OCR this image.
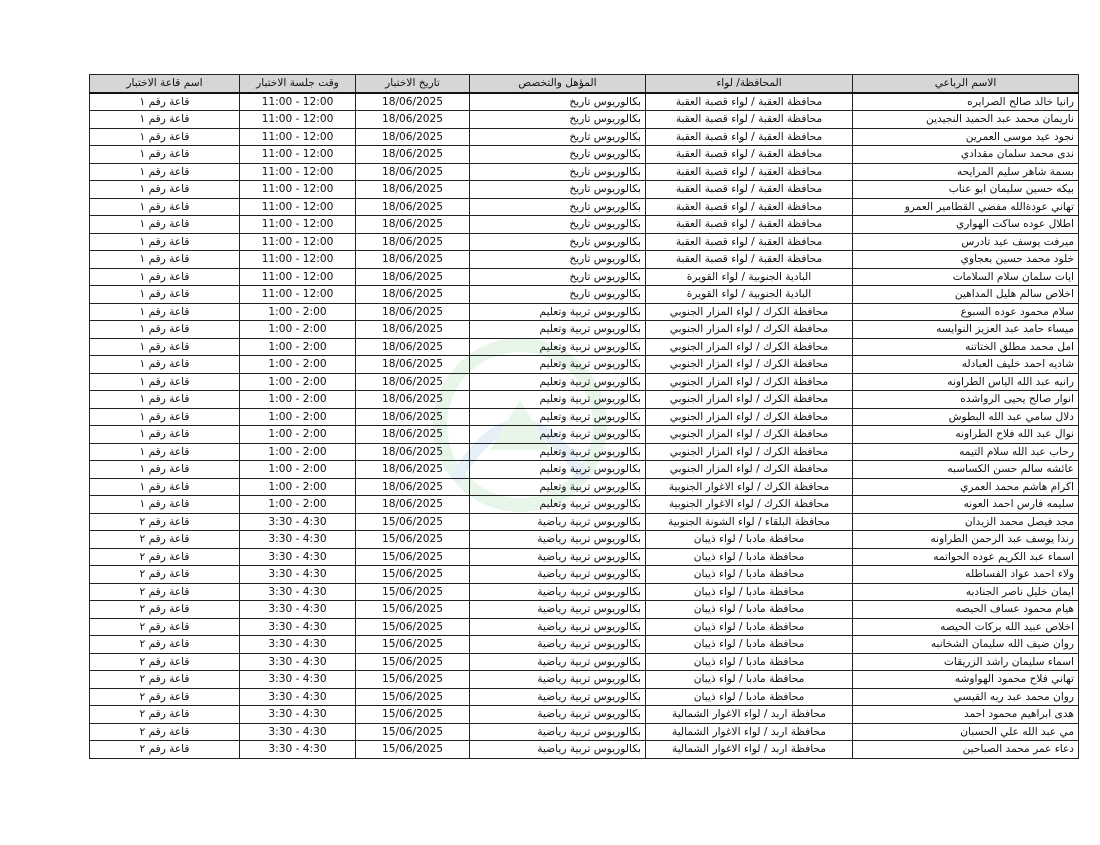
الاسم الرباعي	المحافظة/ لواء	المؤهل والتخصص	تاريخ الاختبار	وقت جلسة الاختبار	اسم قاعة الاختبار
رانيا خالد صالح الصرايره	محافظة العقبة / لواء قصبة العقبة	بكالوريوس تاريخ	18/06/2025	11:00 - 12:00	قاعة رقم ١
ناريمان محمد عبد الحميد النجيدين	محافظة العقبة / لواء قصبة العقبة	بكالوريوس تاريخ	18/06/2025	11:00 - 12:00	قاعة رقم ١
نجود عيد موسى العمرين	محافظة العقبة / لواء قصبة العقبة	بكالوريوس تاريخ	18/06/2025	11:00 - 12:00	قاعة رقم ١
ندى محمد سلمان مقدادي	محافظة العقبة / لواء قصبة العقبة	بكالوريوس تاريخ	18/06/2025	11:00 - 12:00	قاعة رقم ١
بسمة شاهر سليم المرايحه	محافظة العقبة / لواء قصبة العقبة	بكالوريوس تاريخ	18/06/2025	11:00 - 12:00	قاعة رقم ١
بيكه حسين سليمان ابو عناب	محافظة العقبة / لواء قصبة العقبة	بكالوريوس تاريخ	18/06/2025	11:00 - 12:00	قاعة رقم ١
تهاني عودةالله مفضي القطامير العمرو	محافظة العقبة / لواء قصبة العقبة	بكالوريوس تاريخ	18/06/2025	11:00 - 12:00	قاعة رقم ١
اطلال عوده ساكت الهواري	محافظة العقبة / لواء قصبة العقبة	بكالوريوس تاريخ	18/06/2025	11:00 - 12:00	قاعة رقم ١
ميرفت يوسف عيد تادرس	محافظة العقبة / لواء قصبة العقبة	بكالوريوس تاريخ	18/06/2025	11:00 - 12:00	قاعة رقم ١
خلود محمد حسين بعجاوي	محافظة العقبة / لواء قصبة العقبة	بكالوريوس تاريخ	18/06/2025	11:00 - 12:00	قاعة رقم ١
ايات سلمان سلام السلامات	البادية الجنوبية / لواء القويرة	بكالوريوس تاريخ	18/06/2025	11:00 - 12:00	قاعة رقم ١
اخلاص سالم هليل المداهين	البادية الجنوبية / لواء القويرة	بكالوريوس تاريخ	18/06/2025	11:00 - 12:00	قاعة رقم ١
سلام محمود عوده السبوع	محافظة الكرك / لواء المزار الجنوبي	بكالوريوس تربية وتعليم	18/06/2025	1:00 - 2:00	قاعة رقم ١
ميساء حامد عبد العزيز النوايسه	محافظة الكرك / لواء المزار الجنوبي	بكالوريوس تربية وتعليم	18/06/2025	1:00 - 2:00	قاعة رقم ١
امل محمد مطلق الختاتنه	محافظة الكرك / لواء المزار الجنوبي	بكالوريوس تربية وتعليم	18/06/2025	1:00 - 2:00	قاعة رقم ١
شاديه احمد خليف العبادله	محافظة الكرك / لواء المزار الجنوبي	بكالوريوس تربية وتعليم	18/06/2025	1:00 - 2:00	قاعة رقم ١
رانيه عبد الله الياس الطراونه	محافظة الكرك / لواء المزار الجنوبي	بكالوريوس تربية وتعليم	18/06/2025	1:00 - 2:00	قاعة رقم ١
انوار صالح يحيى الرواشده	محافظة الكرك / لواء المزار الجنوبي	بكالوريوس تربية وتعليم	18/06/2025	1:00 - 2:00	قاعة رقم ١
دلال سامي عبد الله البطوش	محافظة الكرك / لواء المزار الجنوبي	بكالوريوس تربية وتعليم	18/06/2025	1:00 - 2:00	قاعة رقم ١
نوال عبد الله فلاح الطراونه	محافظة الكرك / لواء المزار الجنوبي	بكالوريوس تربية وتعليم	18/06/2025	1:00 - 2:00	قاعة رقم ١
رحاب عبد الله سلام التيمه	محافظة الكرك / لواء المزار الجنوبي	بكالوريوس تربية وتعليم	18/06/2025	1:00 - 2:00	قاعة رقم ١
عائشه سالم حسن الكساسبه	محافظة الكرك / لواء المزار الجنوبي	بكالوريوس تربية وتعليم	18/06/2025	1:00 - 2:00	قاعة رقم ١
اكرام هاشم محمد العمري	محافظة الكرك / لواء الاغوار الجنوبية	بكالوريوس تربية وتعليم	18/06/2025	1:00 - 2:00	قاعة رقم ١
سليمه فارس احمد العونه	محافظة الكرك / لواء الاغوار الجنوبية	بكالوريوس تربية وتعليم	18/06/2025	1:00 - 2:00	قاعة رقم ١
مجد فيصل محمد الزيدان	محافظة البلقاء / لواء الشونة الجنوبية	بكالوريوس تربية رياضية	15/06/2025	3:30 - 4:30	قاعة رقم ٢
رندا يوسف عبد الرحمن الطراونه	محافظة مادبا / لواء ذيبان	بكالوريوس تربية رياضية	15/06/2025	3:30 - 4:30	قاعة رقم ٢
اسماء عبد الكريم عوده الحواتمه	محافظة مادبا / لواء ذيبان	بكالوريوس تربية رياضية	15/06/2025	3:30 - 4:30	قاعة رقم ٢
ولاء احمد عواد الفساطله	محافظة مادبا / لواء ذيبان	بكالوريوس تربية رياضية	15/06/2025	3:30 - 4:30	قاعة رقم ٢
ايمان خليل ناصر الجنادبه	محافظة مادبا / لواء ذيبان	بكالوريوس تربية رياضية	15/06/2025	3:30 - 4:30	قاعة رقم ٢
هيام محمود عساف الحيصه	محافظة مادبا / لواء ذيبان	بكالوريوس تربية رياضية	15/06/2025	3:30 - 4:30	قاعة رقم ٢
اخلاص عبيد الله بركات الحيصه	محافظة مادبا / لواء ذيبان	بكالوريوس تربية رياضية	15/06/2025	3:30 - 4:30	قاعة رقم ٢
روان ضيف الله سليمان الشخانبه	محافظة مادبا / لواء ذيبان	بكالوريوس تربية رياضية	15/06/2025	3:30 - 4:30	قاعة رقم ٢
اسماء سليمان راشد الزريقات	محافظة مادبا / لواء ذيبان	بكالوريوس تربية رياضية	15/06/2025	3:30 - 4:30	قاعة رقم ٢
تهاني فلاح محمود الهواوشه	محافظة مادبا / لواء ذيبان	بكالوريوس تربية رياضية	15/06/2025	3:30 - 4:30	قاعة رقم ٢
روان محمد عبد ربه القيسي	محافظة مادبا / لواء ذيبان	بكالوريوس تربية رياضية	15/06/2025	3:30 - 4:30	قاعة رقم ٢
هدى ابراهيم محمود احمد	محافظة اربد / لواء الاغوار الشمالية	بكالوريوس تربية رياضية	15/06/2025	3:30 - 4:30	قاعة رقم ٢
مي عبد الله علي الحسبان	محافظة اربد / لواء الاغوار الشمالية	بكالوريوس تربية رياضية	15/06/2025	3:30 - 4:30	قاعة رقم ٢
دعاء عمر محمد الصباحين	محافظة اربد / لواء الاغوار الشمالية	بكالوريوس تربية رياضية	15/06/2025	3:30 - 4:30	قاعة رقم ٢
